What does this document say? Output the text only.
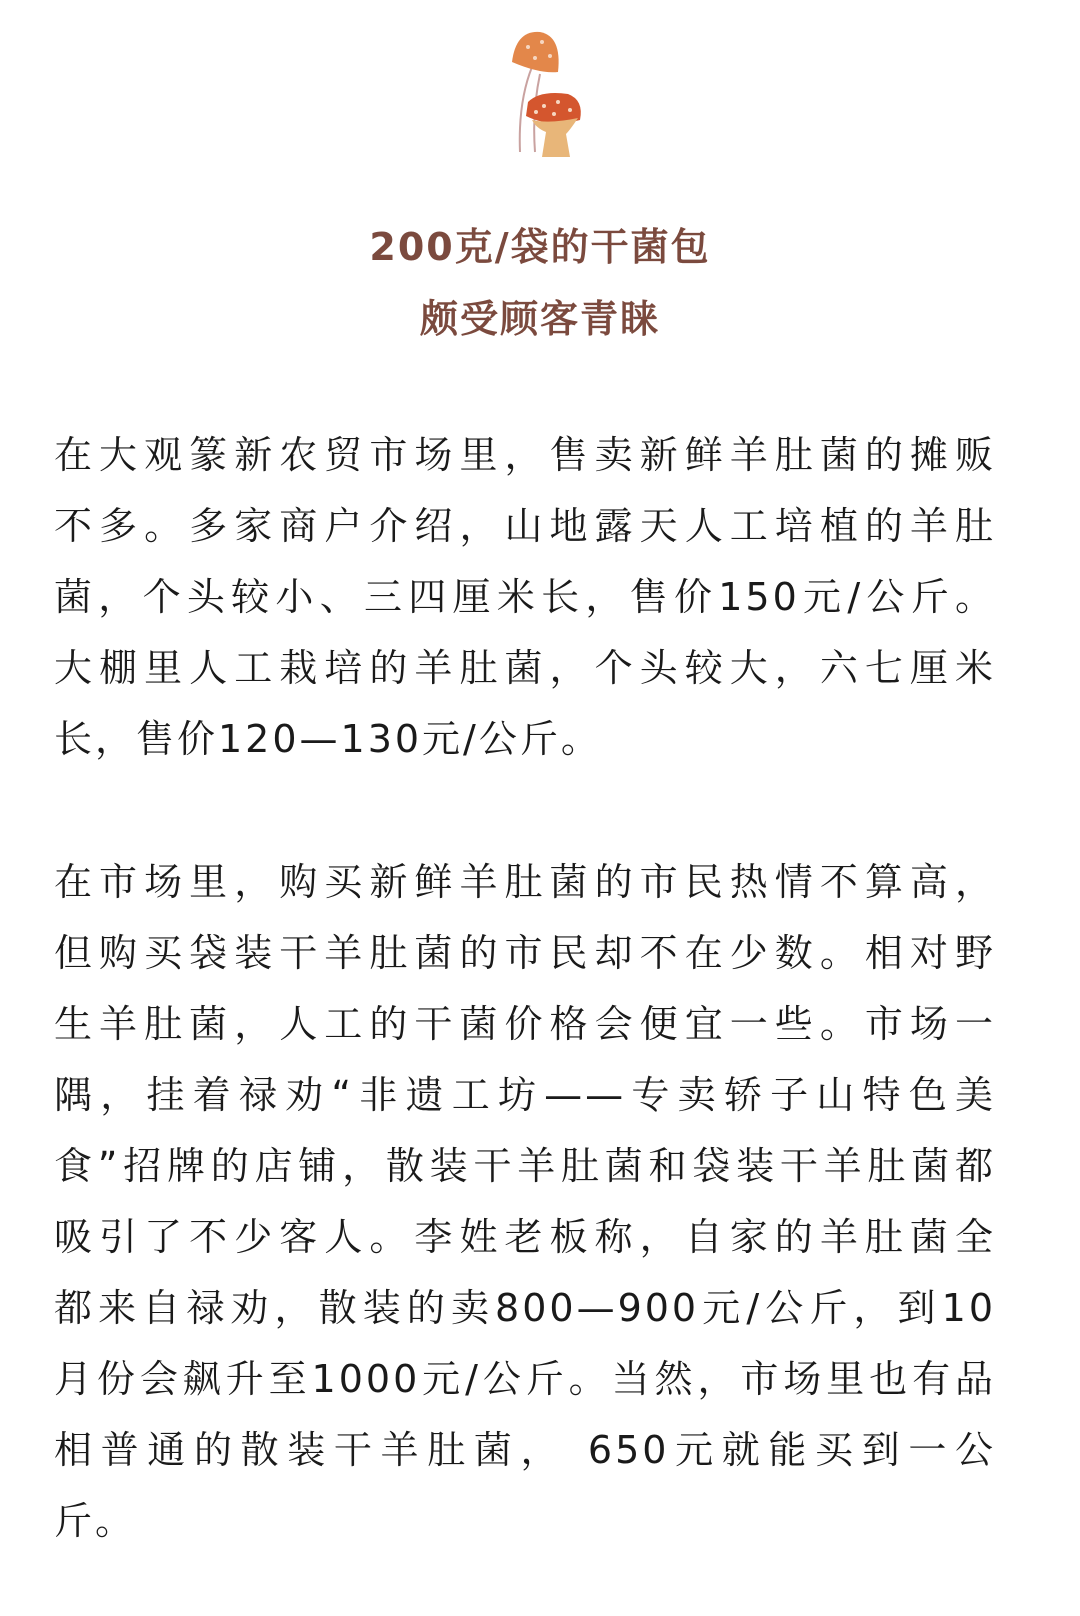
200克/袋的干菌包
颇受顾客青睐
在大观篆新农贸市场里，售卖新鲜羊肚菌的摊贩
不多。多家商户介绍，山地露天人工培植的羊肚
菌，个头较小、三四厘米长，售价150元/公斤。
大棚里人工栽培的羊肚菌，个头较大，六七厘米
长，售价120—130元/公斤。
在市场里，购买新鲜羊肚菌的市民热情不算高，
但购买袋装干羊肚菌的市民却不在少数。相对野
生羊肚菌，人工的干菌价格会便宜一些。市场一
隅，挂着禄劝“非遗工坊——专卖轿子山特色美
食”招牌的店铺，散装干羊肚菌和袋装干羊肚菌都
吸引了不少客人。李姓老板称，自家的羊肚菌全
都来自禄劝，散装的卖800—900元/公斤，到10
月份会飙升至1000元/公斤。当然，市场里也有品
相普通的散装干羊肚菌， 650元就能买到一公
斤。
